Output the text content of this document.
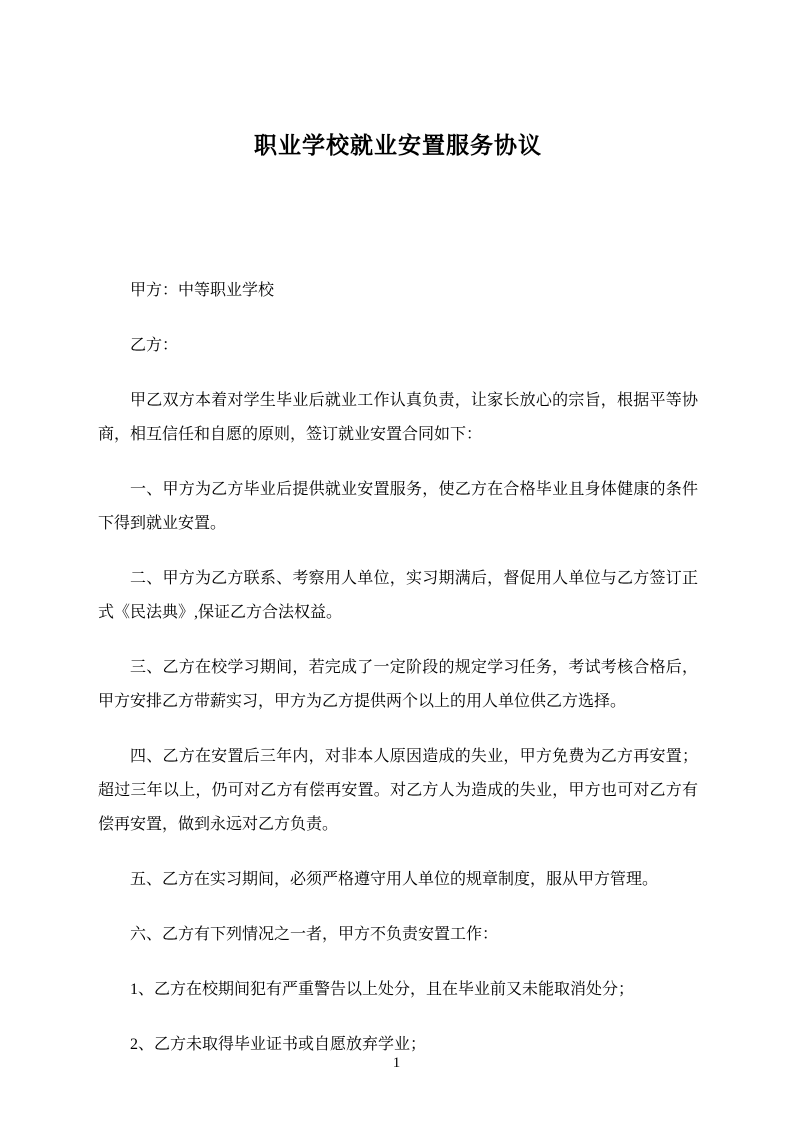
职业学校就业安置服务协议

甲方：中等职业学校

乙方：

甲乙双方本着对学生毕业后就业工作认真负责，让家长放心的宗旨，根据平等协商，相互信任和自愿的原则，签订就业安置合同如下：

一、甲方为乙方毕业后提供就业安置服务，使乙方在合格毕业且身体健康的条件下得到就业安置。

二、甲方为乙方联系、考察用人单位，实习期满后，督促用人单位与乙方签订正式《民法典》,保证乙方合法权益。

三、乙方在校学习期间，若完成了一定阶段的规定学习任务，考试考核合格后，甲方安排乙方带薪实习，甲方为乙方提供两个以上的用人单位供乙方选择。

四、乙方在安置后三年内，对非本人原因造成的失业，甲方免费为乙方再安置；超过三年以上，仍可对乙方有偿再安置。对乙方人为造成的失业，甲方也可对乙方有偿再安置，做到永远对乙方负责。

五、乙方在实习期间，必须严格遵守用人单位的规章制度，服从甲方管理。

六、乙方有下列情况之一者，甲方不负责安置工作：

1、乙方在校期间犯有严重警告以上处分，且在毕业前又未能取消处分；

2、乙方未取得毕业证书或自愿放弃学业；

1
